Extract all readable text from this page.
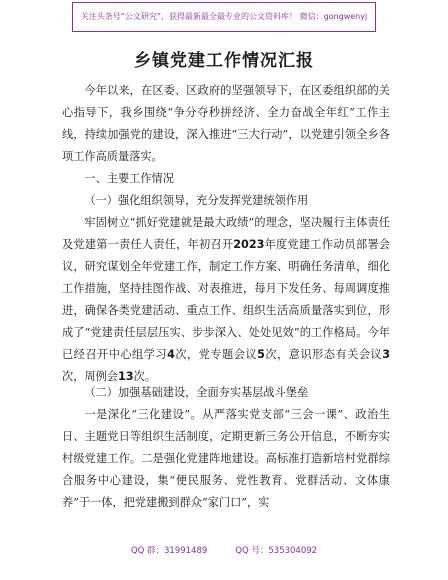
关注头条号“公文研究”，获得最新最全最专业的公文资料库！ 微信：gongwenyj
乡镇党建工作情况汇报

今年以来，在区委、区政府的坚强领导下，在区委组织部的关心指导下，我乡围绕“争分夺秒拼经济、全力奋战全年红”工作主线，持续加强党的建设，深入推进“三大行动”，以党建引领全乡各项工作高质量落实。

一、主要工作情况

（一）强化组织领导，充分发挥党建统领作用

牢固树立“抓好党建就是最大政绩”的理念，坚决履行主体责任及党建第一责任人责任，年初召开2023年度党建工作动员部署会议，研究谋划全年党建工作，制定工作方案、明确任务清单，细化工作措施，坚持挂图作战、对表推进，每月下发任务、每周调度推进，确保各类党建活动、重点工作、组织生活高质量落实到位，形成了“党建责任层层压实、步步深入、处处见效”的工作格局。今年已经召开中心组学习4次，党专题会议5次，意识形态有关会议3次，周例会13次。

（二）加强基础建设，全面夯实基层战斗堡垒

一是深化“三化建设”。从严落实党支部“三会一课”、政治生日、主题党日等组织生活制度，定期更新三务公开信息，不断夯实村级党建工作。二是强化党建阵地建设。高标准打造新培村党群综合服务中心建设，集“便民服务、党性教育、党群活动、文体康养”于一体，把党建搬到群众“家门口”，实

QQ 群：31991489	QQ 号：535304092
